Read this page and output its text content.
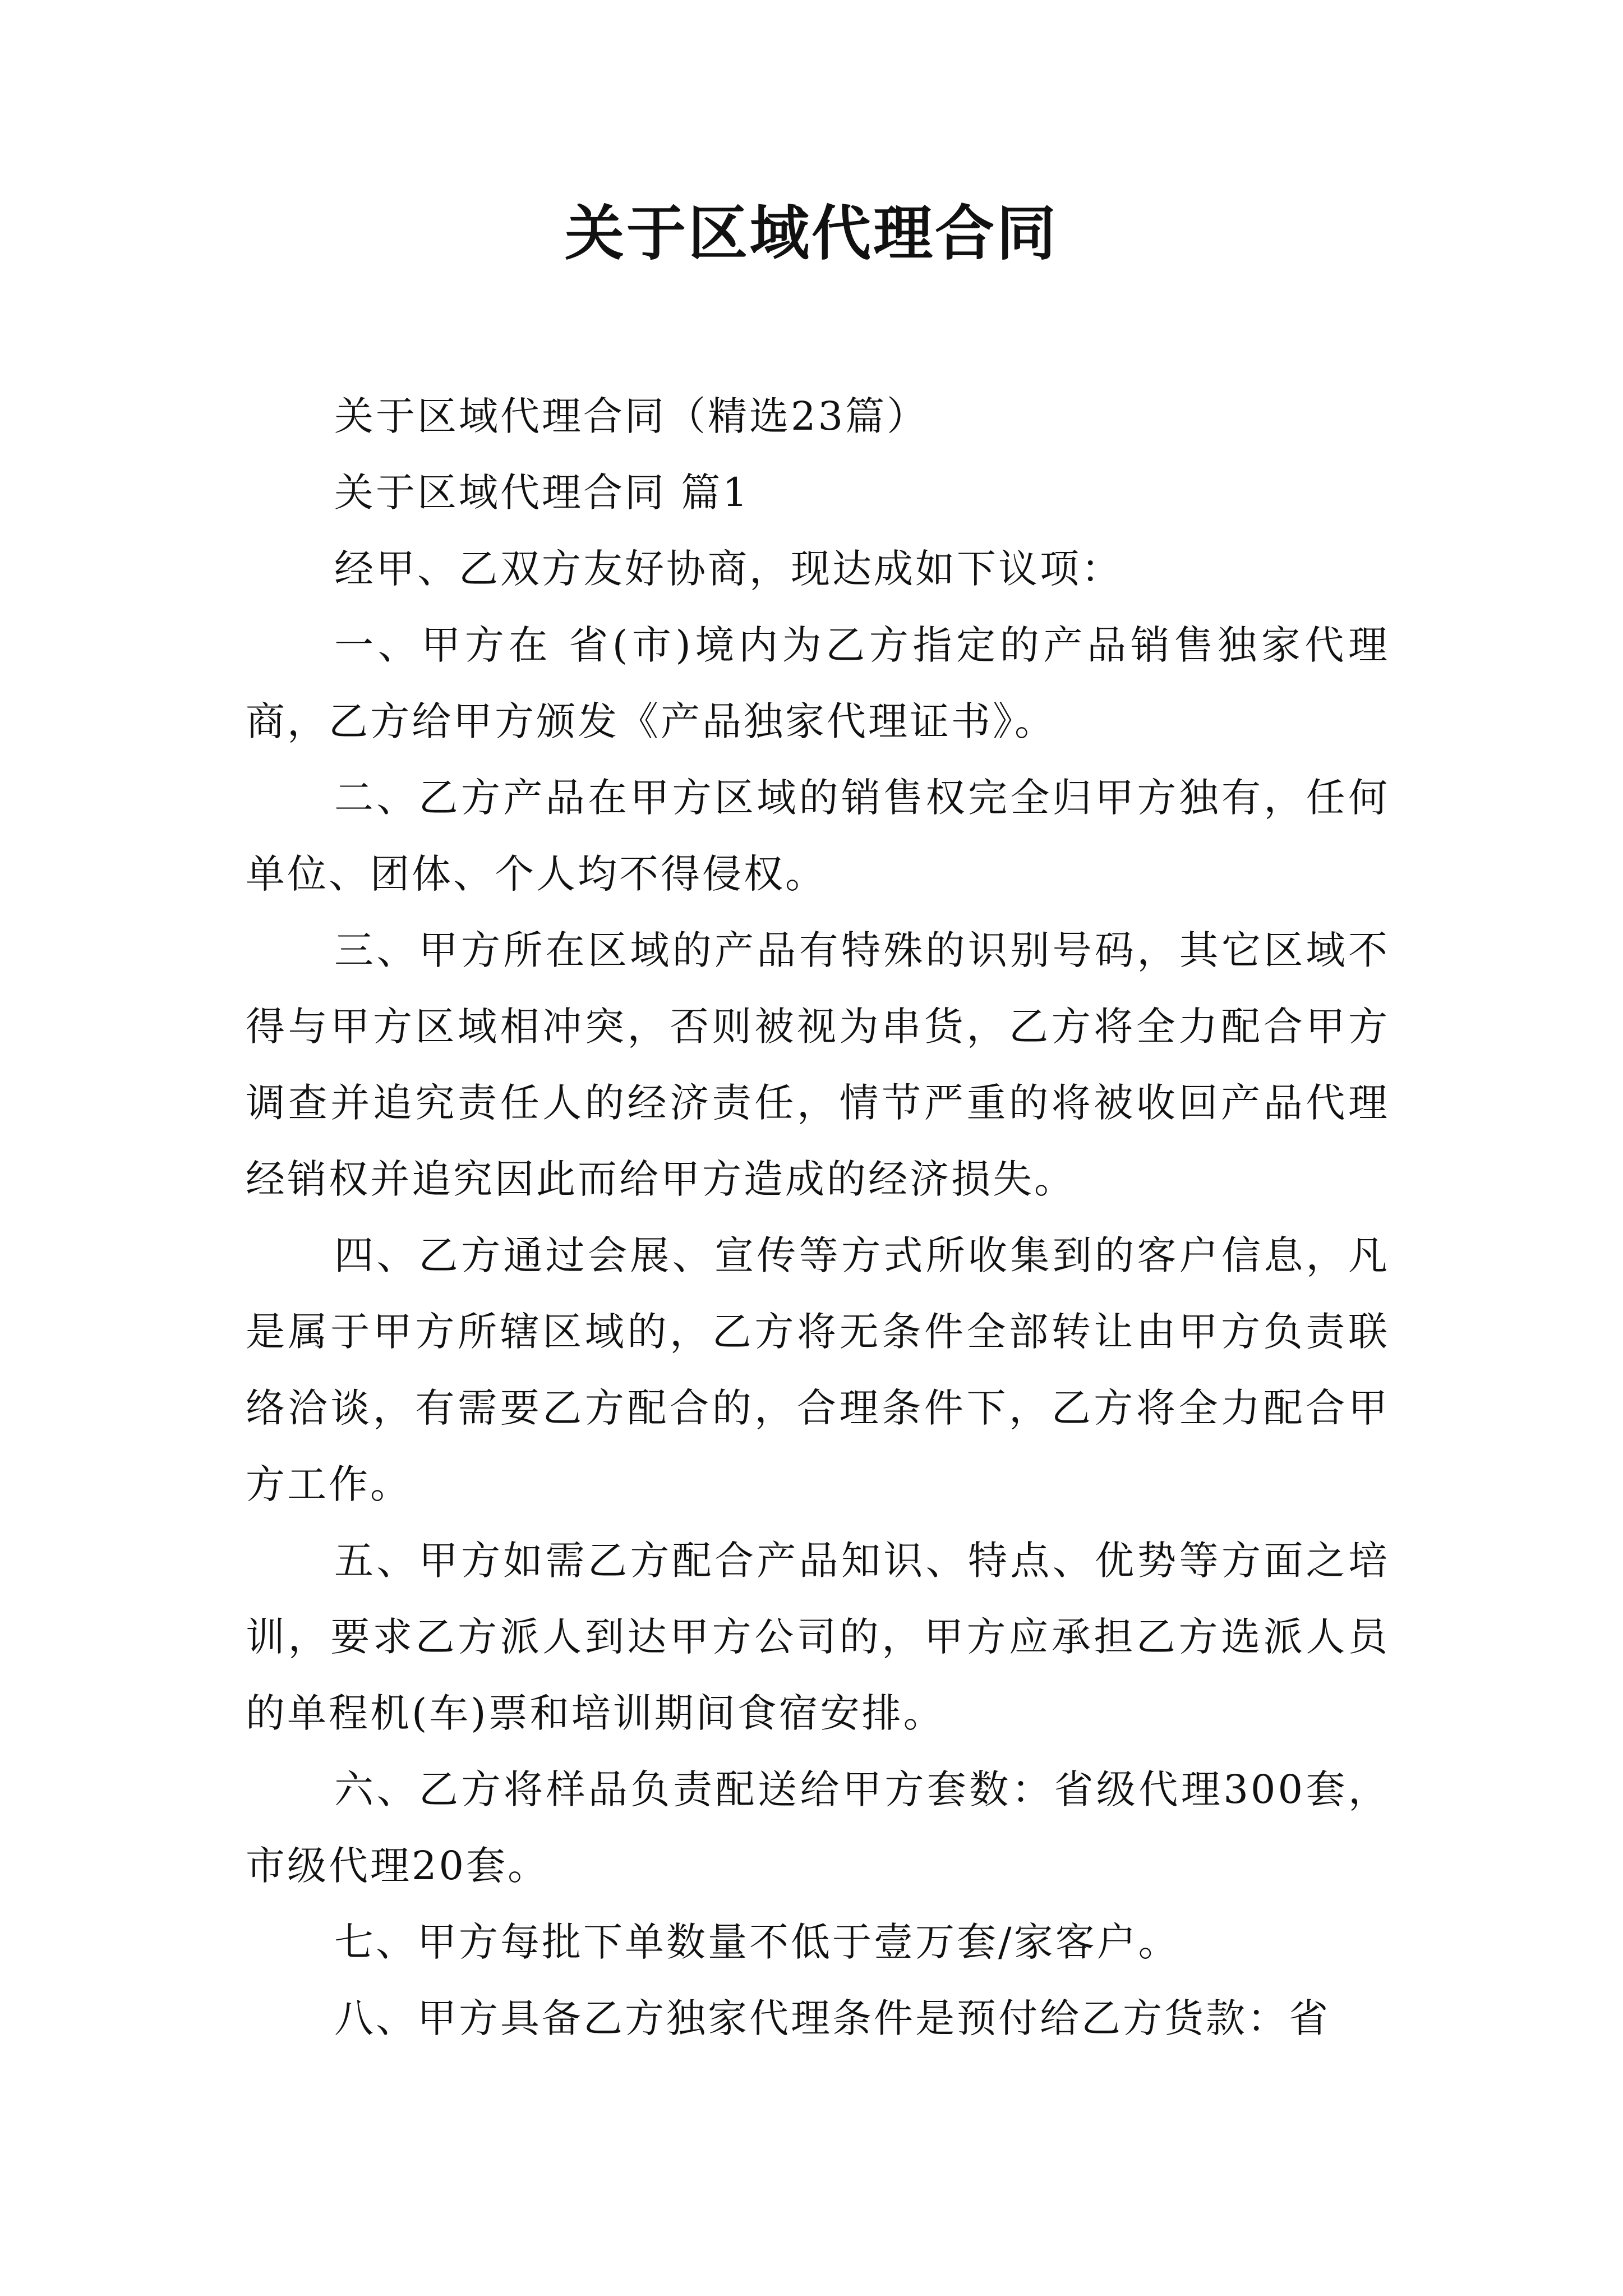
关于区域代理合同

关于区域代理合同（精选23篇）

关于区域代理合同 篇1

经甲、乙双方友好协商，现达成如下议项：

一、甲方在 省(市)境内为乙方指定的产品销售独家代理商，乙方给甲方颁发《产品独家代理证书》。

二、乙方产品在甲方区域的销售权完全归甲方独有，任何单位、团体、个人均不得侵权。

三、甲方所在区域的产品有特殊的识别号码，其它区域不得与甲方区域相冲突，否则被视为串货，乙方将全力配合甲方调查并追究责任人的经济责任，情节严重的将被收回产品代理经销权并追究因此而给甲方造成的经济损失。

四、乙方通过会展、宣传等方式所收集到的客户信息，凡是属于甲方所辖区域的，乙方将无条件全部转让由甲方负责联络洽谈，有需要乙方配合的，合理条件下，乙方将全力配合甲方工作。

五、甲方如需乙方配合产品知识、特点、优势等方面之培训，要求乙方派人到达甲方公司的，甲方应承担乙方选派人员的单程机(车)票和培训期间食宿安排。

六、乙方将样品负责配送给甲方套数：省级代理300套，市级代理20套。

七、甲方每批下单数量不低于壹万套/家客户。

八、甲方具备乙方独家代理条件是预付给乙方货款：省
